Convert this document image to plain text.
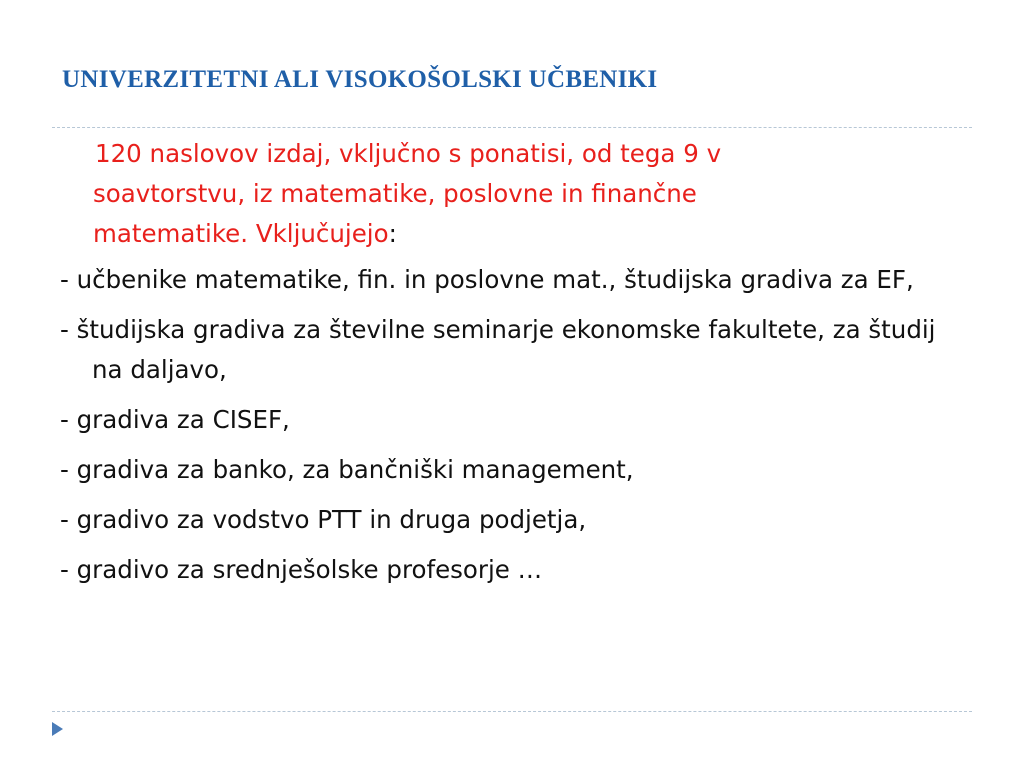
UNIVERZITETNI ALI VISOKOŠOLSKI UČBENIKI

120 naslovov izdaj, vključno s ponatisi, od tega 9 v
soavtorstvu, iz matematike, poslovne in finančne
matematike. Vključujejo:

- učbenike matematike, fin. in poslovne mat., študijska gradiva za EF,

- študijska gradiva za številne seminarje ekonomske fakultete, za študij na daljavo,

- gradiva za CISEF,

- gradiva za banko, za bančniški management,

- gradivo za vodstvo PTT in druga podjetja,

- gradivo za srednješolske profesorje …
